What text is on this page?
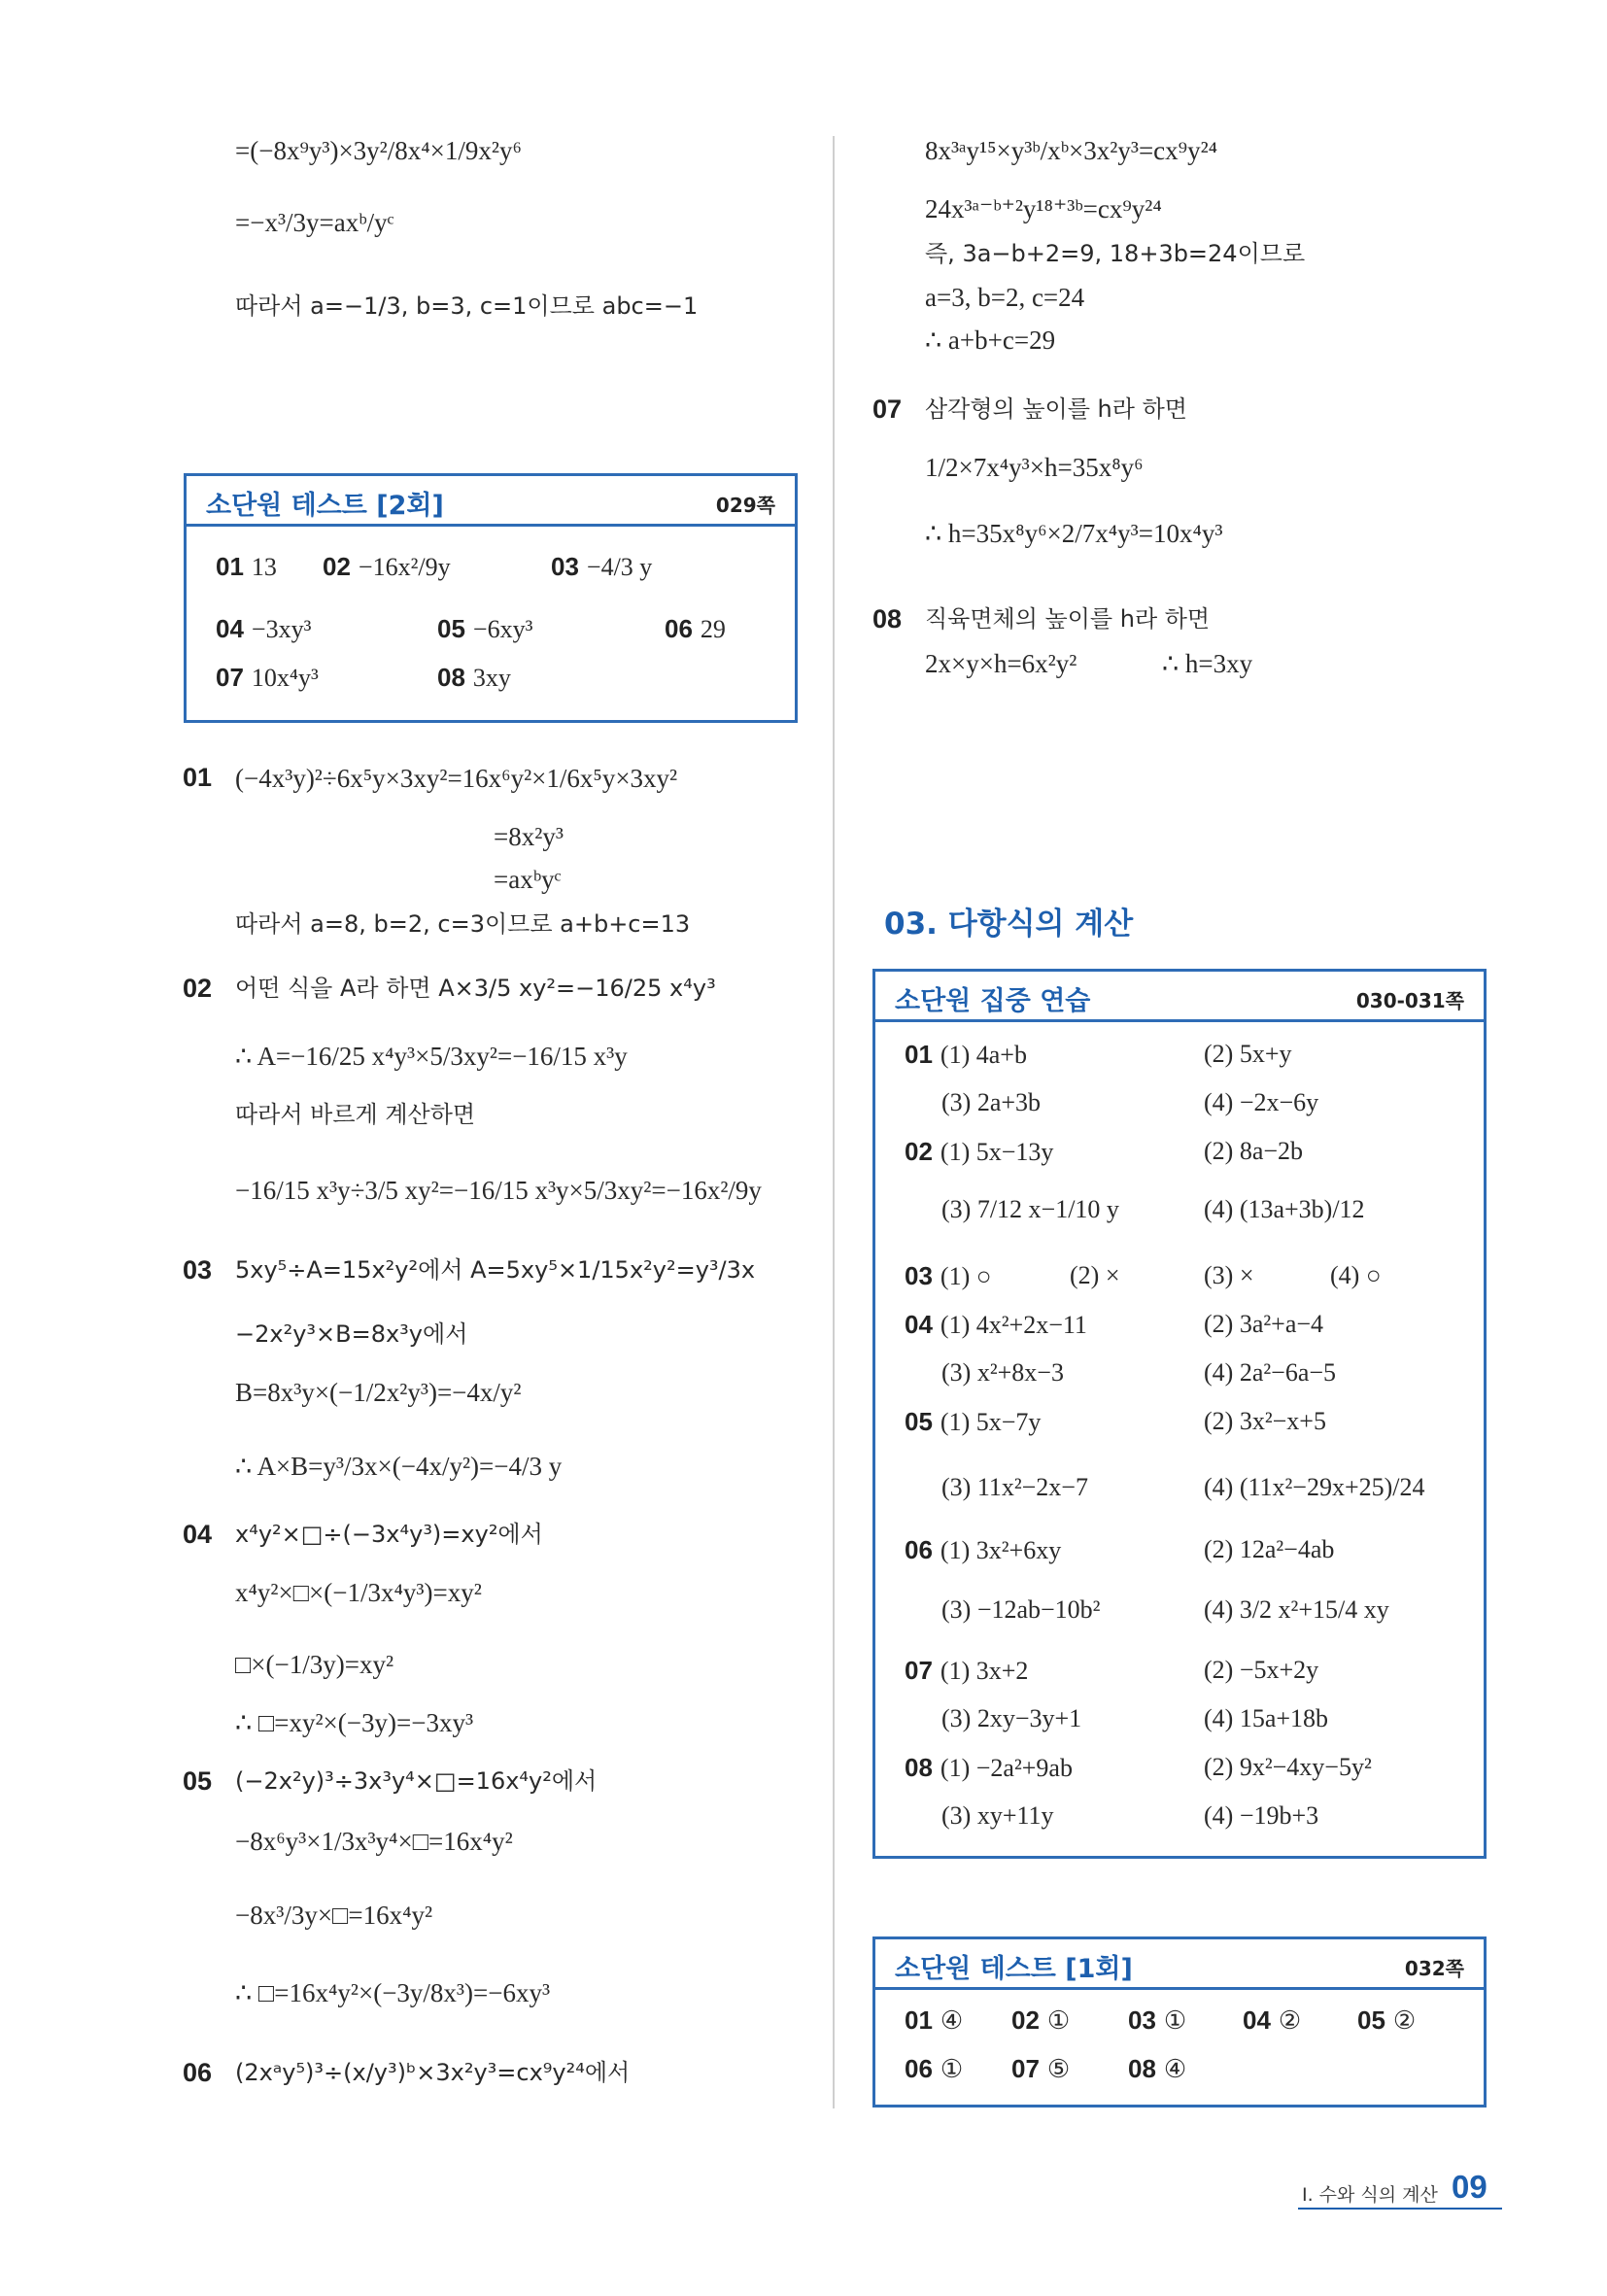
=(−8x⁹y³)×3y²/8x⁴×1/9x²y⁶
=−x³/3y=axᵇ/yᶜ
따라서 a=−1/3, b=3, c=1이므로 abc=−1
소단원 테스트 [2회]	029쪽
01 13 02 −16x²/9y	03 −4/3 y
04 −3xy³	05 −6xy³	06 29
07 10x⁴y³	08 3xy
01 (−4x³y)²÷6x⁵y×3xy²=16x⁶y²×1/6x⁵y×3xy²
=8x²y³
=axᵇyᶜ
따라서 a=8, b=2, c=3이므로 a+b+c=13
02 어떤 식을 A라 하면 A×3/5 xy²=−16/25 x⁴y³
∴ A=−16/25 x⁴y³×5/3xy²=−16/15 x³y
따라서 바르게 계산하면
−16/15 x³y÷3/5 xy²=−16/15 x³y×5/3xy²=−16x²/9y
03 5xy⁵÷A=15x²y²에서 A=5xy⁵×1/15x²y²=y³/3x
−2x²y³×B=8x³y에서
B=8x³y×(−1/2x²y³)=−4x/y²
∴ A×B=y³/3x×(−4x/y²)=−4/3 y
04 x⁴y²×□÷(−3x⁴y³)=xy²에서
x⁴y²×□×(−1/3x⁴y³)=xy²
□×(−1/3y)=xy²
∴ □=xy²×(−3y)=−3xy³
05 (−2x²y)³÷3x³y⁴×□=16x⁴y²에서
−8x⁶y³×1/3x³y⁴×□=16x⁴y²
−8x³/3y×□=16x⁴y²
∴ □=16x⁴y²×(−3y/8x³)=−6xy³
06 (2xᵃy⁵)³÷(x/y³)ᵇ×3x²y³=cx⁹y²⁴에서
8x³ᵃy¹⁵×y³ᵇ/xᵇ×3x²y³=cx⁹y²⁴
24x³ᵃ⁻ᵇ⁺²y¹⁸⁺³ᵇ=cx⁹y²⁴
즉, 3a−b+2=9, 18+3b=24이므로
a=3, b=2, c=24
∴ a+b+c=29
07 삼각형의 높이를 h라 하면
1/2×7x⁴y³×h=35x⁸y⁶
∴ h=35x⁸y⁶×2/7x⁴y³=10x⁴y³
08 직육면체의 높이를 h라 하면
2x×y×h=6x²y²	∴ h=3xy
03. 다항식의 계산
소단원 집중 연습	030-031쪽
01 (1) 4a+b	(2) 5x+y
(3) 2a+3b	(4) −2x−6y
02 (1) 5x−13y	(2) 8a−2b
(3) 7/12 x−1/10 y	(4) (13a+3b)/12
03 (1) ○	(2) ×	(3) ×	(4) ○
04 (1) 4x²+2x−11	(2) 3a²+a−4
(3) x²+8x−3	(4) 2a²−6a−5
05 (1) 5x−7y	(2) 3x²−x+5
(3) 11x²−2x−7	(4) (11x²−29x+25)/24
06 (1) 3x²+6xy	(2) 12a²−4ab
(3) −12ab−10b²	(4) 3/2 x²+15/4 xy
07 (1) 3x+2	(2) −5x+2y
(3) 2xy−3y+1	(4) 15a+18b
08 (1) −2a²+9ab	(2) 9x²−4xy−5y²
(3) xy+11y	(4) −19b+3
소단원 테스트 [1회]	032쪽
01 ④ 02 ① 03 ① 04 ② 05 ②
06 ① 07 ⑤ 08 ④
I. 수와 식의 계산 09
